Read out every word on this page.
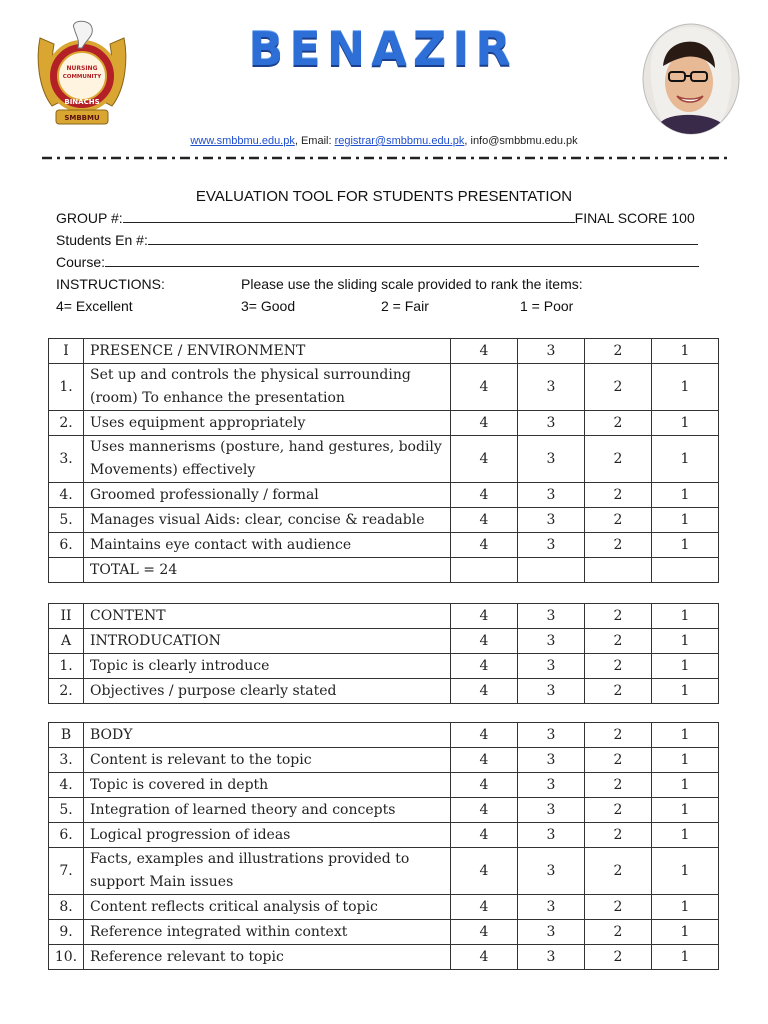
NURSING
COMMUNITY
BINACHS
SMBBMU
BENAZIR
www.smbbmu.edu.pk, Email: registrar@smbbmu.edu.pk, info@smbbmu.edu.pk
EVALUATION TOOL FOR STUDENTS PRESENTATION
GROUP #:	FINAL SCORE 100
Students En #:
Course:
INSTRUCTIONS:	Please use the sliding scale provided to rank the items:
4= Excellent	3= Good	2 = Fair	1 = Poor
I	PRESENCE / ENVIRONMENT	4	3	2	1
1.	Set up and controls the physical surrounding (room) To enhance the presentation	4	3	2	1
2.	Uses equipment appropriately	4	3	2	1
3.	Uses mannerisms (posture, hand gestures, bodily Movements) effectively	4	3	2	1
4.	Groomed professionally / formal	4	3	2	1
5.	Manages visual Aids: clear, concise & readable	4	3	2	1
6.	Maintains eye contact with audience	4	3	2	1
	TOTAL = 24				
II	CONTENT	4	3	2	1
A	INTRODUCATION	4	3	2	1
1.	Topic is clearly introduce	4	3	2	1
2.	Objectives / purpose clearly stated	4	3	2	1
B	BODY	4	3	2	1
3.	Content is relevant to the topic	4	3	2	1
4.	Topic is covered in depth	4	3	2	1
5.	Integration of learned theory and concepts	4	3	2	1
6.	Logical progression of ideas	4	3	2	1
7.	Facts, examples and illustrations provided to support Main issues	4	3	2	1
8.	Content reflects critical analysis of topic	4	3	2	1
9.	Reference integrated within context	4	3	2	1
10.	Reference relevant to topic	4	3	2	1
